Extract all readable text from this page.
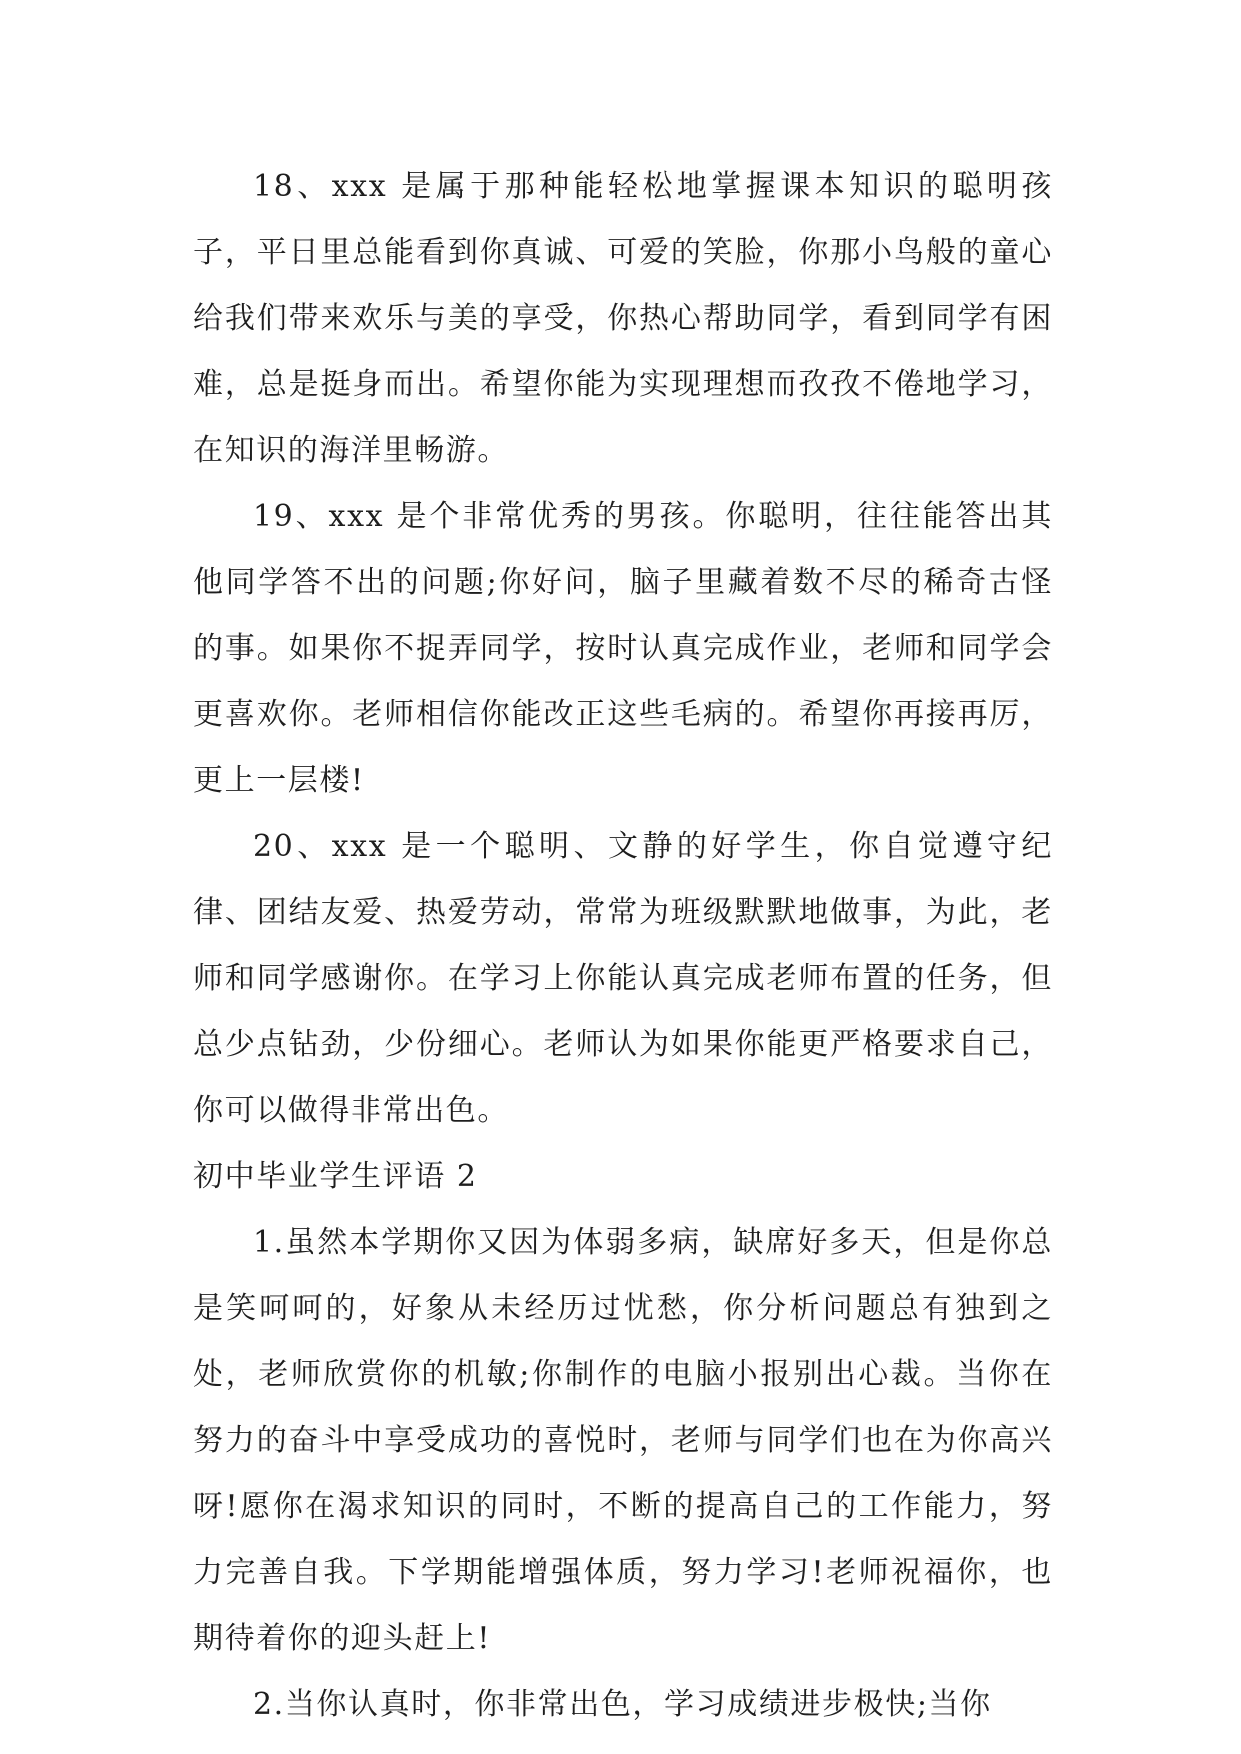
18、xxx 是属于那种能轻松地掌握课本知识的聪明孩子，平日里总能看到你真诚、可爱的笑脸，你那小鸟般的童心给我们带来欢乐与美的享受，你热心帮助同学，看到同学有困难，总是挺身而出。希望你能为实现理想而孜孜不倦地学习，在知识的海洋里畅游。

19、xxx 是个非常优秀的男孩。你聪明，往往能答出其他同学答不出的问题;你好问，脑子里藏着数不尽的稀奇古怪的事。如果你不捉弄同学，按时认真完成作业，老师和同学会更喜欢你。老师相信你能改正这些毛病的。希望你再接再厉，更上一层楼!

20、xxx 是一个聪明、文静的好学生，你自觉遵守纪律、团结友爱、热爱劳动，常常为班级默默地做事，为此，老师和同学感谢你。在学习上你能认真完成老师布置的任务，但总少点钻劲，少份细心。老师认为如果你能更严格要求自己，你可以做得非常出色。

初中毕业学生评语 2

1.虽然本学期你又因为体弱多病，缺席好多天，但是你总是笑呵呵的，好象从未经历过忧愁，你分析问题总有独到之处，老师欣赏你的机敏;你制作的电脑小报别出心裁。当你在努力的奋斗中享受成功的喜悦时，老师与同学们也在为你高兴呀!愿你在渴求知识的同时，不断的提高自己的工作能力，努力完善自我。下学期能增强体质，努力学习!老师祝福你，也期待着你的迎头赶上!

2.当你认真时，你非常出色，学习成绩进步极快;当你
